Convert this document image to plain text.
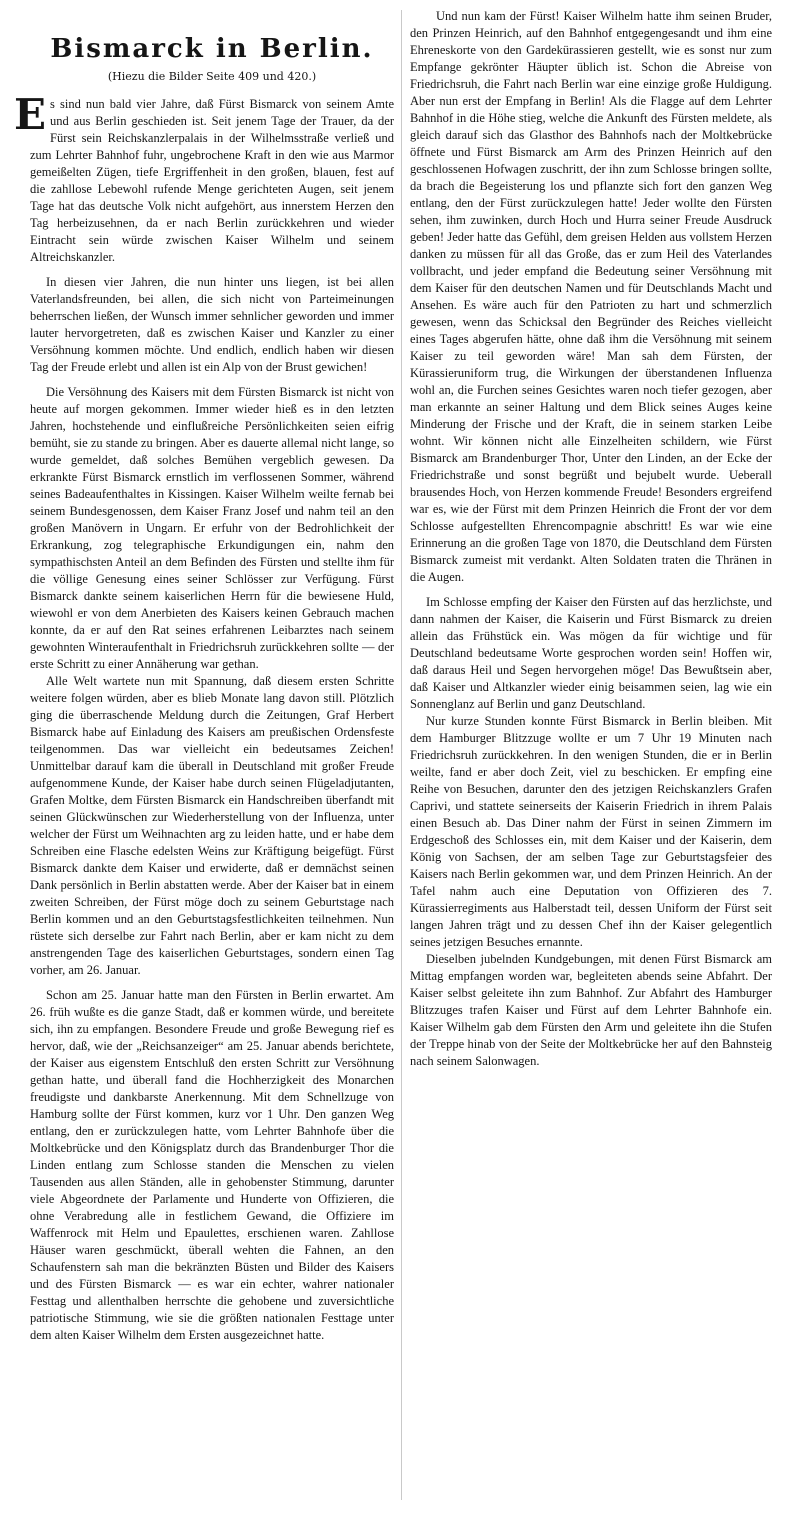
Bismarck in Berlin.
(Hiezu die Bilder Seite 409 und 420.)

Es sind nun bald vier Jahre, daß Fürst Bismarck von seinem Amte und aus Berlin geschieden ist. Seit jenem Tage der Trauer, da der Fürst sein Reichskanzlerpalais in der Wilhelmsstraße verließ und zum Lehrter Bahnhof fuhr, ungebrochene Kraft in den wie aus Marmor gemeißelten Zügen, tiefe Ergriffenheit in den großen, blauen, fest auf die zahllose Lebewohl rufende Menge gerichteten Augen, seit jenem Tage hat das deutsche Volk nicht aufgehört, aus innerstem Herzen den Tag herbeizusehnen, da er nach Berlin zurückkehren und wieder Eintracht sein würde zwischen Kaiser Wilhelm und seinem Altreichskanzler.

In diesen vier Jahren, die nun hinter uns liegen, ist bei allen Vaterlandsfreunden, bei allen, die sich nicht von Parteimeinungen beherrschen ließen, der Wunsch immer sehnlicher geworden und immer lauter hervorgetreten, daß es zwischen Kaiser und Kanzler zu einer Versöhnung kommen möchte. Und endlich, endlich haben wir diesen Tag der Freude erlebt und allen ist ein Alp von der Brust gewichen!

Die Versöhnung des Kaisers mit dem Fürsten Bismarck ist nicht von heute auf morgen gekommen. Immer wieder hieß es in den letzten Jahren, hochstehende und einflußreiche Persönlichkeiten seien eifrig bemüht, sie zu stande zu bringen. Aber es dauerte allemal nicht lange, so wurde gemeldet, daß solches Bemühen vergeblich gewesen. Da erkrankte Fürst Bismarck ernstlich im verflossenen Sommer, während seines Badeaufenthaltes in Kissingen. Kaiser Wilhelm weilte fernab bei seinem Bundesgenossen, dem Kaiser Franz Josef und nahm teil an den großen Manövern in Ungarn. Er erfuhr von der Bedrohlichkeit der Erkrankung, zog telegraphische Erkundigungen ein, nahm den sympathischsten Anteil an dem Befinden des Fürsten und stellte ihm für die völlige Genesung eines seiner Schlösser zur Verfügung. Fürst Bismarck dankte seinem kaiserlichen Herrn für die bewiesene Huld, wiewohl er von dem Anerbieten des Kaisers keinen Gebrauch machen konnte, da er auf den Rat seines erfahrenen Leibarztes nach seinem gewohnten Winteraufenthalt in Friedrichsruh zurückkehren sollte — der erste Schritt zu einer Annäherung war gethan.

Alle Welt wartete nun mit Spannung, daß diesem ersten Schritte weitere folgen würden, aber es blieb Monate lang davon still. Plötzlich ging die überraschende Meldung durch die Zeitungen, Graf Herbert Bismarck habe auf Einladung des Kaisers am preußischen Ordensfeste teilgenommen. Das war vielleicht ein bedeutsames Zeichen! Unmittelbar darauf kam die überall in Deutschland mit großer Freude aufgenommene Kunde, der Kaiser habe durch seinen Flügeladjutanten, Grafen Moltke, dem Fürsten Bismarck ein Handschreiben überfandt mit seinen Glückwünschen zur Wiederherstellung von der Influenza, unter welcher der Fürst um Weihnachten arg zu leiden hatte, und er habe dem Schreiben eine Flasche edelsten Weins zur Kräftigung beigefügt. Fürst Bismarck dankte dem Kaiser und erwiderte, daß er demnächst seinen Dank persönlich in Berlin abstatten werde. Aber der Kaiser bat in einem zweiten Schreiben, der Fürst möge doch zu seinem Geburtstage nach Berlin kommen und an den Geburtstagsfestlichkeiten teilnehmen. Nun rüstete sich derselbe zur Fahrt nach Berlin, aber er kam nicht zu dem anstrengenden Tage des kaiserlichen Geburtstages, sondern einen Tag vorher, am 26. Januar.

Schon am 25. Januar hatte man den Fürsten in Berlin erwartet. Am 26. früh wußte es die ganze Stadt, daß er kommen würde, und bereitete sich, ihn zu empfangen. Besondere Freude und große Bewegung rief es hervor, daß, wie der „Reichsanzeiger“ am 25. Januar abends berichtete, der Kaiser aus eigenstem Entschluß den ersten Schritt zur Versöhnung gethan hatte, und überall fand die Hochherzigkeit des Monarchen freudigste und dankbarste Anerkennung. Mit dem Schnellzuge von Hamburg sollte der Fürst kommen, kurz vor 1 Uhr. Den ganzen Weg entlang, den er zurückzulegen hatte, vom Lehrter Bahnhofe über die Moltkebrücke und den Königsplatz durch das Brandenburger Thor die Linden entlang zum Schlosse standen die Menschen zu vielen Tausenden aus allen Ständen, alle in gehobenster Stimmung, darunter viele Abgeordnete der Parlamente und Hunderte von Offizieren, die ohne Verabredung alle in festlichem Gewand, die Offiziere im Waffenrock mit Helm und Epaulettes, erschienen waren. Zahllose Häuser waren geschmückt, überall wehten die Fahnen, an den Schaufenstern sah man die bekränzten Büsten und Bilder des Kaisers und des Fürsten Bismarck — es war ein echter, wahrer nationaler Festtag und allenthalben herrschte die gehobene und zuversichtliche patriotische Stimmung, wie sie die größten nationalen Festtage unter dem alten Kaiser Wilhelm dem Ersten ausgezeichnet hatte.

Und nun kam der Fürst! Kaiser Wilhelm hatte ihm seinen Bruder, den Prinzen Heinrich, auf den Bahnhof entgegengesandt und ihm eine Ehreneskorte von den Gardekürassieren gestellt, wie es sonst nur zum Empfange gekrönter Häupter üblich ist. Schon die Abreise von Friedrichsruh, die Fahrt nach Berlin war eine einzige große Huldigung. Aber nun erst der Empfang in Berlin! Als die Flagge auf dem Lehrter Bahnhof in die Höhe stieg, welche die Ankunft des Fürsten meldete, als gleich darauf sich das Glasthor des Bahnhofs nach der Moltkebrücke öffnete und Fürst Bismarck am Arm des Prinzen Heinrich auf den geschlossenen Hofwagen zuschritt, der ihn zum Schlosse bringen sollte, da brach die Begeisterung los und pflanzte sich fort den ganzen Weg entlang, den der Fürst zurückzulegen hatte! Jeder wollte den Fürsten sehen, ihm zuwinken, durch Hoch und Hurra seiner Freude Ausdruck geben! Jeder hatte das Gefühl, dem greisen Helden aus vollstem Herzen danken zu müssen für all das Große, das er zum Heil des Vaterlandes vollbracht, und jeder empfand die Bedeutung seiner Versöhnung mit dem Kaiser für den deutschen Namen und für Deutschlands Macht und Ansehen. Es wäre auch für den Patrioten zu hart und schmerzlich gewesen, wenn das Schicksal den Begründer des Reiches vielleicht eines Tages abgerufen hätte, ohne daß ihm die Versöhnung mit seinem Kaiser zu teil geworden wäre! Man sah dem Fürsten, der Kürassieruniform trug, die Wirkungen der überstandenen Influenza wohl an, die Furchen seines Gesichtes waren noch tiefer gezogen, aber man erkannte an seiner Haltung und dem Blick seines Auges keine Minderung der Frische und der Kraft, die in seinem starken Leibe wohnt. Wir können nicht alle Einzelheiten schildern, wie Fürst Bismarck am Brandenburger Thor, Unter den Linden, an der Ecke der Friedrichstraße und sonst begrüßt und bejubelt wurde. Ueberall brausendes Hoch, von Herzen kommende Freude! Besonders ergreifend war es, wie der Fürst mit dem Prinzen Heinrich die Front der vor dem Schlosse aufgestellten Ehrencompagnie abschritt! Es war wie eine Erinnerung an die großen Tage von 1870, die Deutschland dem Fürsten Bismarck zumeist mit verdankt. Alten Soldaten traten die Thränen in die Augen.

Im Schlosse empfing der Kaiser den Fürsten auf das herzlichste, und dann nahmen der Kaiser, die Kaiserin und Fürst Bismarck zu dreien allein das Frühstück ein. Was mögen da für wichtige und für Deutschland bedeutsame Worte gesprochen worden sein! Hoffen wir, daß daraus Heil und Segen hervorgehen möge! Das Bewußtsein aber, daß Kaiser und Altkanzler wieder einig beisammen seien, lag wie ein Sonnenglanz auf Berlin und ganz Deutschland.

Nur kurze Stunden konnte Fürst Bismarck in Berlin bleiben. Mit dem Hamburger Blitzzuge wollte er um 7 Uhr 19 Minuten nach Friedrichsruh zurückkehren. In den wenigen Stunden, die er in Berlin weilte, fand er aber doch Zeit, viel zu beschicken. Er empfing eine Reihe von Besuchen, darunter den des jetzigen Reichskanzlers Grafen Caprivi, und stattete seinerseits der Kaiserin Friedrich in ihrem Palais einen Besuch ab. Das Diner nahm der Fürst in seinen Zimmern im Erdgeschoß des Schlosses ein, mit dem Kaiser und der Kaiserin, dem König von Sachsen, der am selben Tage zur Geburtstagsfeier des Kaisers nach Berlin gekommen war, und dem Prinzen Heinrich. An der Tafel nahm auch eine Deputation von Offizieren des 7. Kürassierregiments aus Halberstadt teil, dessen Uniform der Fürst seit langen Jahren trägt und zu dessen Chef ihn der Kaiser gelegentlich seines jetzigen Besuches ernannte.

Dieselben jubelnden Kundgebungen, mit denen Fürst Bismarck am Mittag empfangen worden war, begleiteten abends seine Abfahrt. Der Kaiser selbst geleitete ihn zum Bahnhof. Zur Abfahrt des Hamburger Blitzzuges trafen Kaiser und Fürst auf dem Lehrter Bahnhofe ein. Kaiser Wilhelm gab dem Fürsten den Arm und geleitete ihn die Stufen der Treppe hinab von der Seite der Moltkebrücke her auf den Bahnsteig nach seinem Salonwagen.
